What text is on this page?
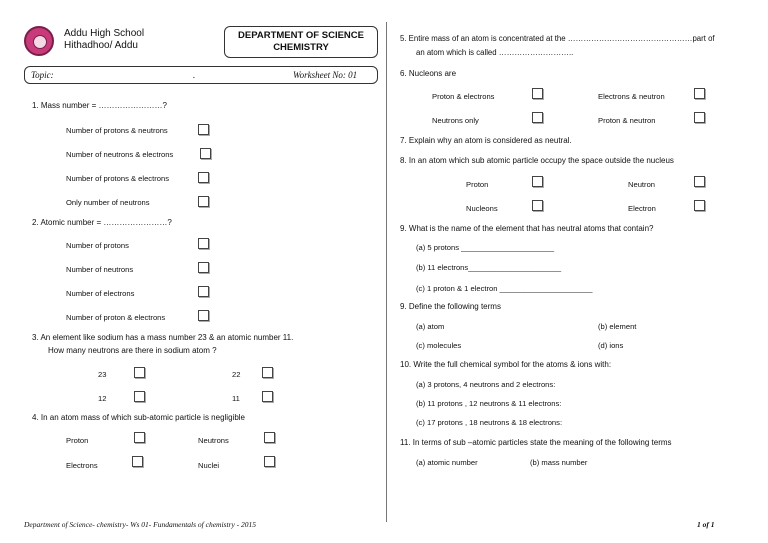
Addu High School
Hithadhoo/ Addu
DEPARTMENT OF SCIENCE
CHEMISTRY
Topic:	.	Worksheet No: 01
1. Mass number = ……………………?
Number of protons & neutrons
Number of neutrons & electrons
Number of protons & electrons
Only number of neutrons
2. Atomic number = ……………………?
Number of protons
Number of neutrons
Number of electrons
Number of proton & electrons
3. An element like sodium has a mass number 23 & an atomic number 11.
How many neutrons are there in sodium atom ?
23	22
12	11
4. In an atom mass of which sub-atomic particle is negligible
Proton	Neutrons
Electrons	Nuclei
5. Entire mass of an atom is concentrated at the …………………………………………part of
an atom which is called ………………………..
6. Nucleons are
Proton & electrons	Electrons & neutron
Neutrons only	Proton & neutron
7. Explain why an atom is considered as neutral.
8. In an atom which sub atomic particle occupy the space outside the nucleus
Proton	Neutron
Nucleons	Electron
9. What is the name of the element that has neutral atoms that contain?
(a) 5 protons ______________________
(b) 11 electrons______________________
(c) 1 proton & 1 electron ______________________
9. Define the following terms
(a) atom	(b) element
(c) molecules	(d) ions
10. Write the full chemical symbol for the atoms & ions with:
(a) 3 protons, 4 neutrons and 2 electrons:
(b) 11 protons , 12 neutrons & 11 electrons:
(c) 17 protons , 18 neutrons & 18 electrons:
11. In terms of sub –atomic particles state the meaning of the following terms
(a) atomic number	(b) mass number
Department of Science- chemistry- Ws 01- Fundamentals of chemistry - 2015	1 of 1
